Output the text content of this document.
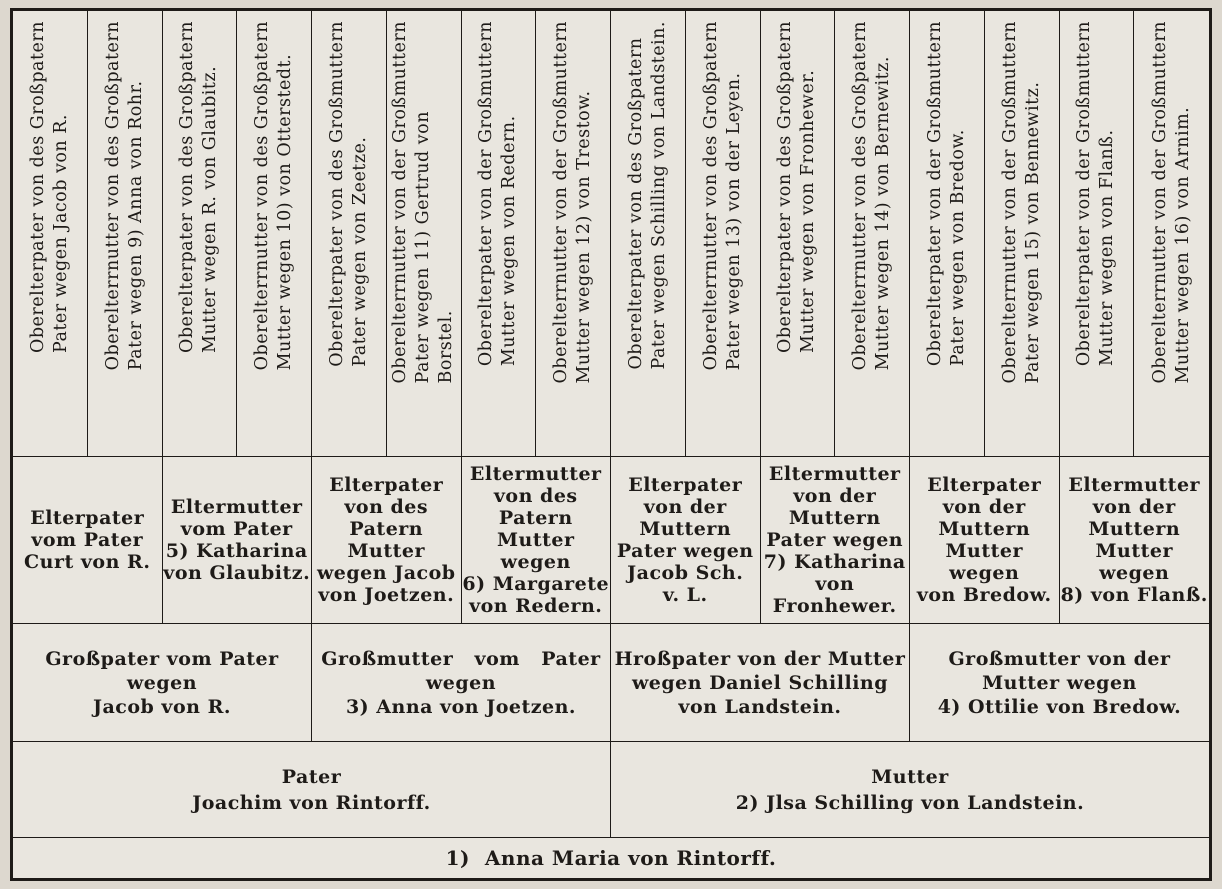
Oberelterpater von des Großpatern
Pater wegen Jacob von R.
Oberelterrnutter von des Großpatern
Pater wegen 9) Anna von Rohr.
Oberelterpater von des Großpatern
Mutter wegen R. von Glaubitz.
Oberelterrnutter von des Großpatern
Mutter wegen 10) von Otterstedt.
Oberelterpater von des Großmuttern
Pater wegen von Zeetze.
Oberelterrnutter von der Großmuttern
Pater wegen 11) Gertrud von
Borstel. Oberelterpater von der Großmuttern
Mutter wegen von Redern.
Oberelterrnutter von der Großmuttern
Mutter wegen 12) von Trestow.
Oberelterpater von des Großpatern
Pater wegen Schilling von Landstein.
Oberelterrnutter von des Großpatern
Pater wegen 13) von der Leyen.
Oberelterpater von des Großpatern
Mutter wegen von Fronhewer.
Oberelterrnutter von des Großpatern
Mutter wegen 14) von Bernewitz.
Oberelterpater von der Großmuttern
Pater wegen von Bredow.
Oberelterrnutter von der Großmuttern
Pater wegen 15) von Bennewitz.
Oberelterpater von der Großmuttern
Mutter wegen von Flanß.
Oberelterrnutter von der Großmuttern
Mutter wegen 16) von Arnim.
Elterpater
vom Pater
Curt von R.
Eltermutter
vom Pater
5) Katharina
von Glaubitz.
Elterpater
von des
Patern
Mutter
wegen Jacob
von Joetzen.
Eltermutter
von des
Patern
Mutter
wegen
6) Margarete
von Redern.
Elterpater
von der
Muttern
Pater wegen
Jacob Sch.
v. L.
Eltermutter
von der
Muttern
Pater wegen
7) Katharina
von
Fronhewer.
Elterpater
von der
Muttern
Mutter
wegen
von Bredow.
Eltermutter
von der
Muttern
Mutter
wegen
8) von Flanß.
Großpater vom Pater
wegen
Jacob von R.
Großmutter   vom   Pater
wegen
3) Anna von Joetzen.
Hroßpater von der Mutter
wegen Daniel Schilling
von Landstein.
Großmutter von der
Mutter wegen
4) Ottilie von Bredow.
Pater
Joachim von Rintorff.
Mutter
2) Jlsa Schilling von Landstein.
1)  Anna Maria von Rintorff.
